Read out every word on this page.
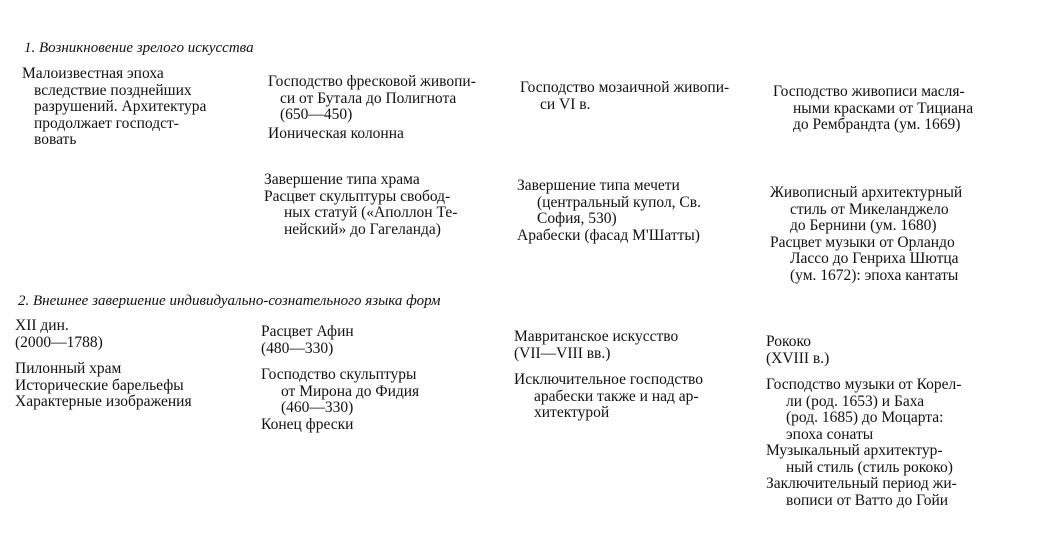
1. Возникновение зрелого искусства
Малоизвестная эпоха
вследствие позднейших
разрушений. Архитектура
продолжает господст-
вовать
Господство фресковой живопи-
си от Бутала до Полигнота
(650—450)
Ионическая колонна
Господство мозаичной живопи-
си VI в.
Господство живописи масля-
ными красками от Тициана
до Рембрандта (ум. 1669)
Завершение типа храма
Расцвет скульптуры свобод-
ных статуй («Аполлон Те-
нейский» до Гагеланда)
Завершение типа мечети
(центральный купол, Св.
София, 530)
Арабески (фасад М'Шатты)
Живописный архитектурный
стиль от Микеланджело
до Бернини (ум. 1680)
Расцвет музыки от Орландо
Лассо до Генриха Шютца
(ум. 1672): эпоха кантаты
2. Внешнее завершение индивидуально-сознательного языка форм
XII дин.
(2000—1788)
Пилонный храм
Исторические барельефы
Характерные изображения
Расцвет Афин
(480—330)
Господство скульптуры
от Мирона до Фидия
(460—330)
Конец фрески
Мавританское искусство
(VII—VIII вв.)
Исключительное господство
арабески также и над ар-
хитектурой
Рококо
(XVIII в.)
Господство музыки от Корел-
ли (род. 1653) и Баха
(род. 1685) до Моцарта:
эпоха сонаты
Музыкальный архитектур-
ный стиль (стиль рококо)
Заключительный период жи-
вописи от Ватто до Гойи
